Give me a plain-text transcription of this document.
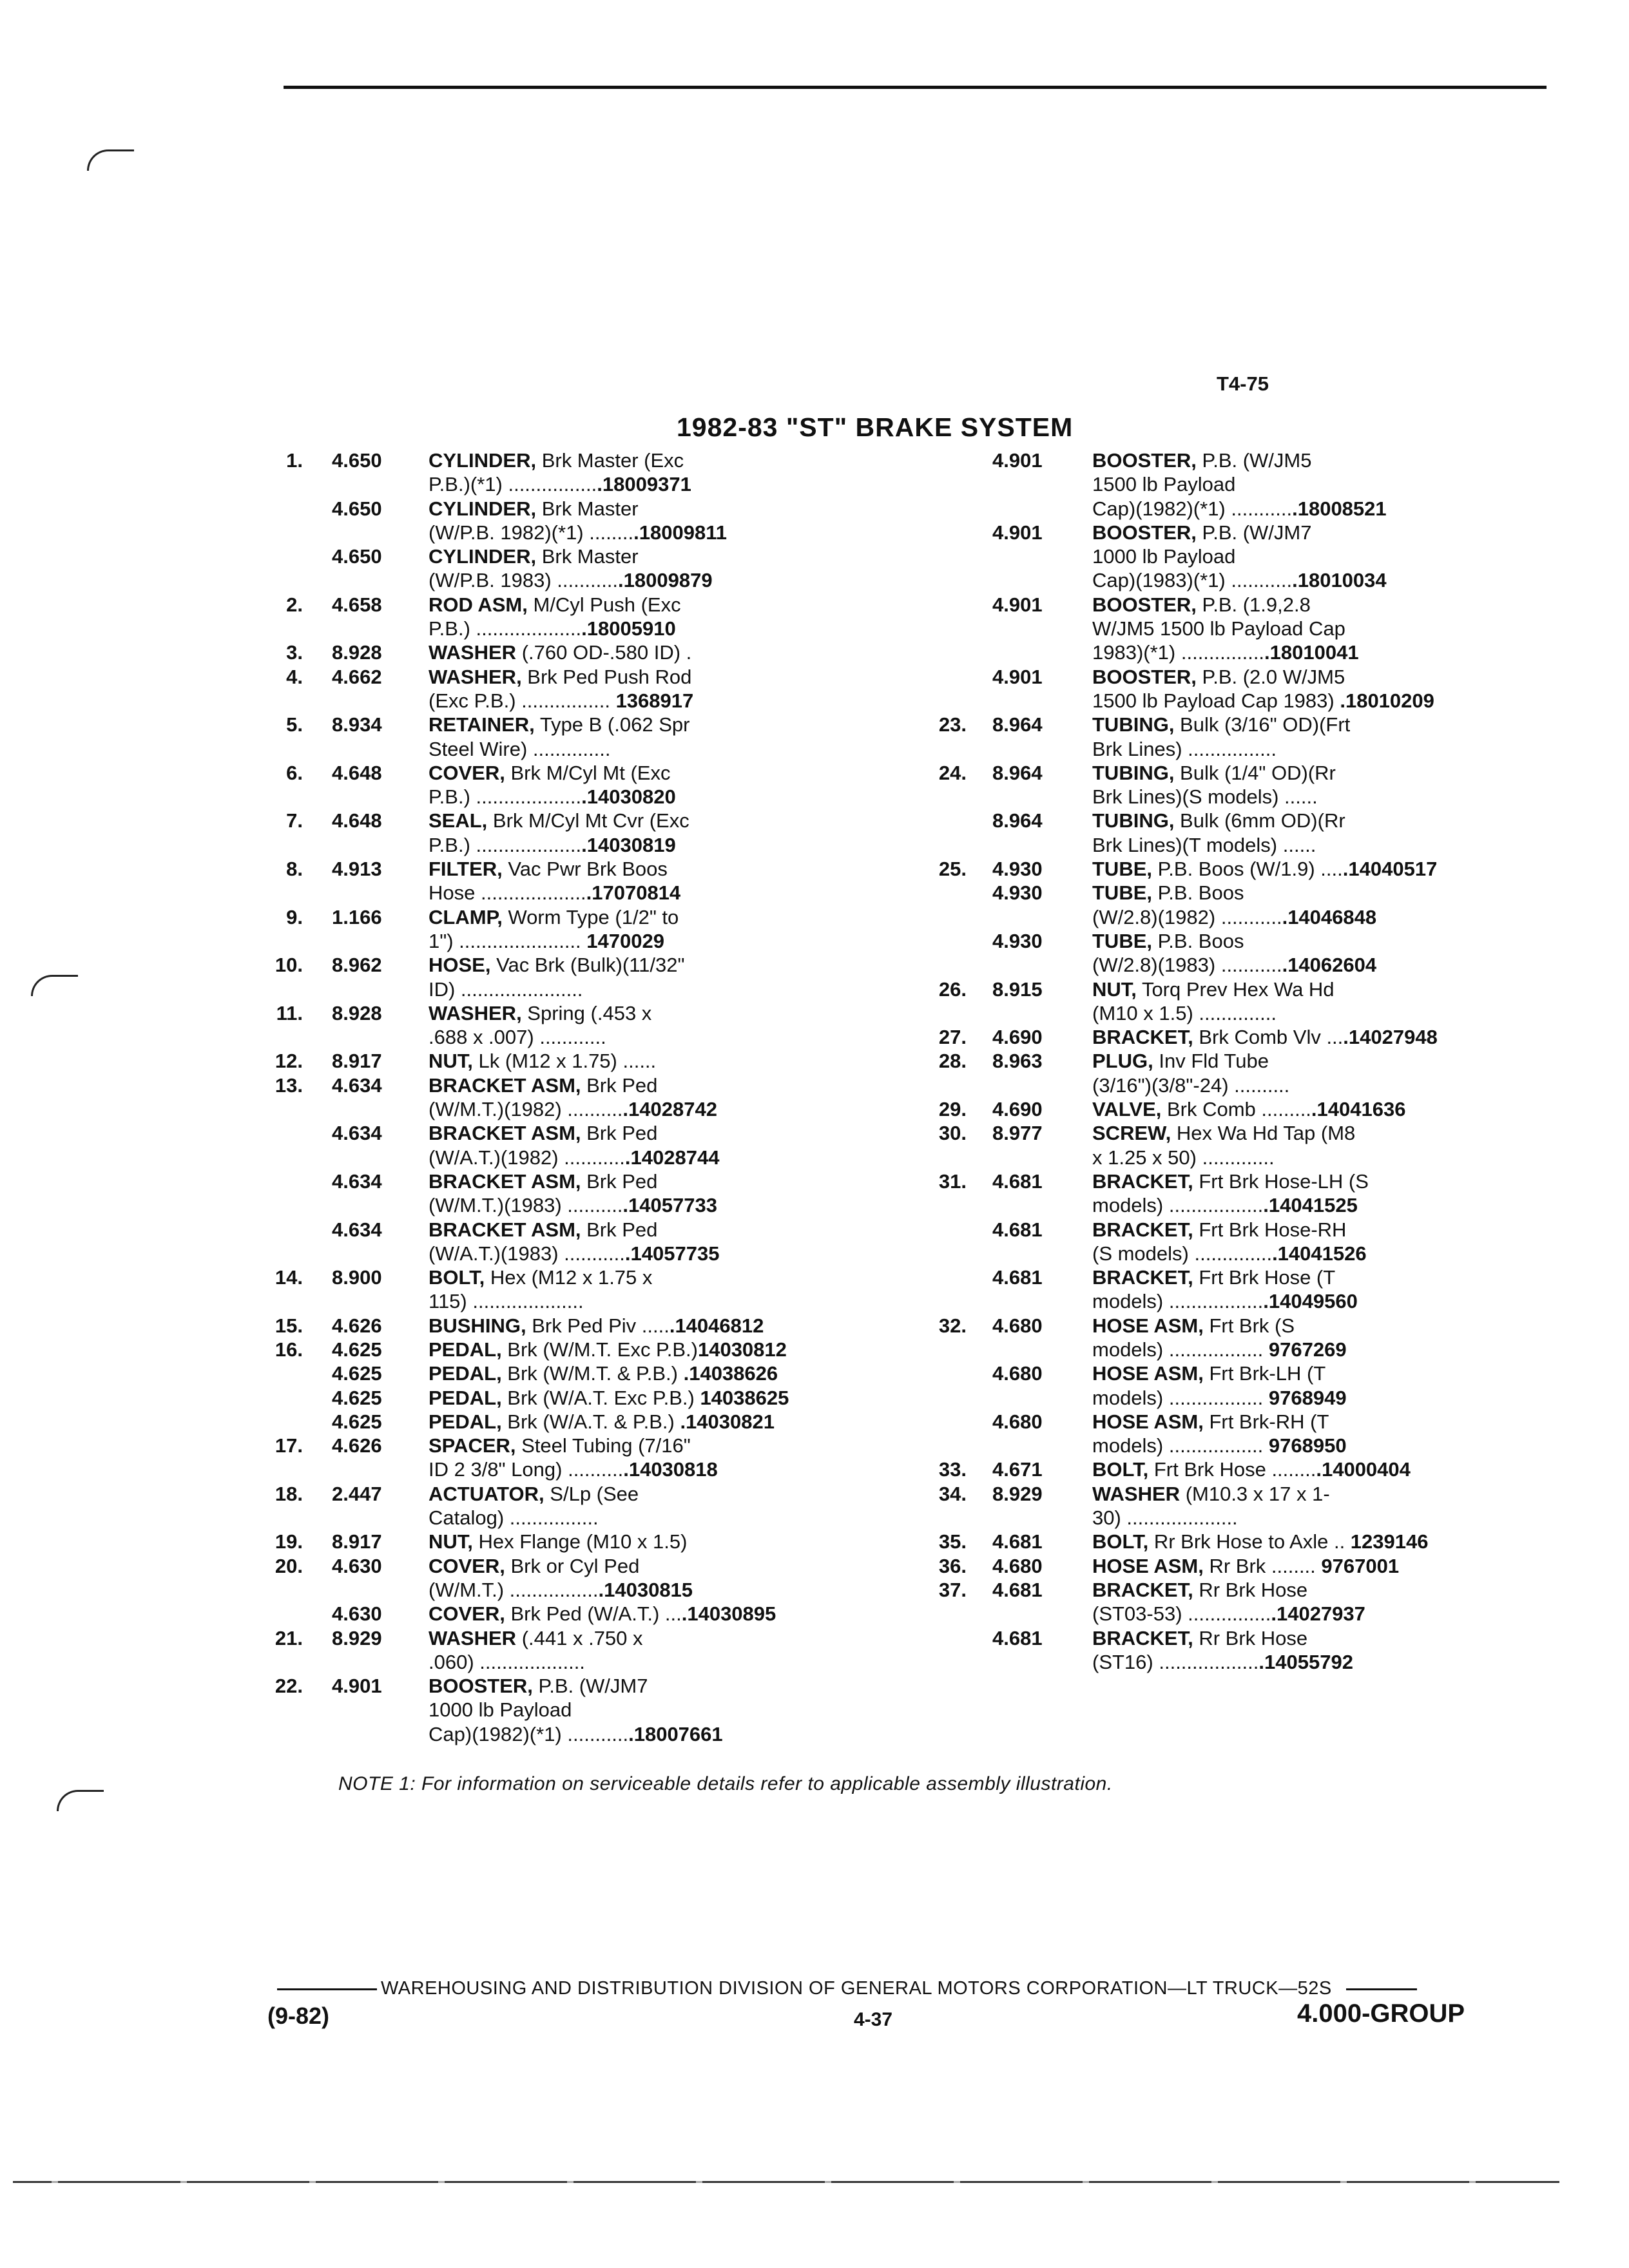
T4-75
1982-83 "ST" BRAKE SYSTEM
1. 4.650 CYLINDER, Brk Master (Exc
P.B.)(*1) .................18009371
4.650 CYLINDER, Brk Master
(W/P.B. 1982)(*1) .........18009811
4.650 CYLINDER, Brk Master
(W/P.B. 1983) ............18009879
2. 4.658 ROD ASM, M/Cyl Push (Exc
P.B.) ....................18005910
3. 8.928 WASHER (.760 OD-.580 ID) .
4. 4.662 WASHER, Brk Ped Push Rod
(Exc P.B.) ................ 1368917
5. 8.934 RETAINER, Type B (.062 Spr
Steel Wire) ..............
6. 4.648 COVER, Brk M/Cyl Mt (Exc
P.B.) ....................14030820
7. 4.648 SEAL, Brk M/Cyl Mt Cvr (Exc
P.B.) ....................14030819
8. 4.913 FILTER, Vac Pwr Brk Boos
Hose ....................17070814
9. 1.166 CLAMP, Worm Type (1/2" to
1") ...................... 1470029
10. 8.962 HOSE, Vac Brk (Bulk)(11/32"
ID) ......................
11. 8.928 WASHER, Spring (.453 x
.688 x .007) ............
12. 8.917 NUT, Lk (M12 x 1.75) ......
13. 4.634 BRACKET ASM, Brk Ped
(W/M.T.)(1982) ...........14028742
4.634 BRACKET ASM, Brk Ped
(W/A.T.)(1982) ............14028744
4.634 BRACKET ASM, Brk Ped
(W/M.T.)(1983) ...........14057733
4.634 BRACKET ASM, Brk Ped
(W/A.T.)(1983) ............14057735
14. 8.900 BOLT, Hex (M12 x 1.75 x
115) ....................
15. 4.626 BUSHING, Brk Ped Piv ......14046812
16. 4.625 PEDAL, Brk (W/M.T. Exc P.B.)14030812
4.625 PEDAL, Brk (W/M.T. & P.B.) .14038626
4.625 PEDAL, Brk (W/A.T. Exc P.B.) 14038625
4.625 PEDAL, Brk (W/A.T. & P.B.) .14030821
17. 4.626 SPACER, Steel Tubing (7/16"
ID 2 3/8" Long) ...........14030818
18. 2.447 ACTUATOR, S/Lp (See
Catalog) ................
19. 8.917 NUT, Hex Flange (M10 x 1.5)
20. 4.630 COVER, Brk or Cyl Ped
(W/M.T.) .................14030815
4.630 COVER, Brk Ped (W/A.T.) ....14030895
21. 8.929 WASHER (.441 x .750 x
.060) ...................
22. 4.901 BOOSTER, P.B. (W/JM7
1000 lb Payload
Cap)(1982)(*1) ............18007661
4.901 BOOSTER, P.B. (W/JM5
1500 lb Payload
Cap)(1982)(*1) ............18008521
4.901 BOOSTER, P.B. (W/JM7
1000 lb Payload
Cap)(1983)(*1) ............18010034
4.901 BOOSTER, P.B. (1.9,2.8
W/JM5 1500 lb Payload Cap
1983)(*1) ................18010041
4.901 BOOSTER, P.B. (2.0 W/JM5
1500 lb Payload Cap 1983) .18010209
23. 8.964 TUBING, Bulk (3/16" OD)(Frt
Brk Lines) ................
24. 8.964 TUBING, Bulk (1/4" OD)(Rr
Brk Lines)(S models) ......
8.964 TUBING, Bulk (6mm OD)(Rr
Brk Lines)(T models) ......
25. 4.930 TUBE, P.B. Boos (W/1.9) .....14040517
4.930 TUBE, P.B. Boos
(W/2.8)(1982) ............14046848
4.930 TUBE, P.B. Boos
(W/2.8)(1983) ............14062604
26. 8.915 NUT, Torq Prev Hex Wa Hd
(M10 x 1.5) ..............
27. 4.690 BRACKET, Brk Comb Vlv ....14027948
28. 8.963 PLUG, Inv Fld Tube
(3/16")(3/8"-24) ..........
29. 4.690 VALVE, Brk Comb ..........14041636
30. 8.977 SCREW, Hex Wa Hd Tap (M8
x 1.25 x 50) .............
31. 4.681 BRACKET, Frt Brk Hose-LH (S
models) ..................14041525
4.681 BRACKET, Frt Brk Hose-RH
(S models) ...............14041526
4.681 BRACKET, Frt Brk Hose (T
models) ..................14049560
32. 4.680 HOSE ASM, Frt Brk (S
models) ................. 9767269
4.680 HOSE ASM, Frt Brk-LH (T
models) ................. 9768949
4.680 HOSE ASM, Frt Brk-RH (T
models) ................. 9768950
33. 4.671 BOLT, Frt Brk Hose .........14000404
34. 8.929 WASHER (M10.3 x 17 x 1-
30) ....................
35. 4.681 BOLT, Rr Brk Hose to Axle .. 1239146
36. 4.680 HOSE ASM, Rr Brk ........ 9767001
37. 4.681 BRACKET, Rr Brk Hose
(ST03-53) ................14027937
4.681 BRACKET, Rr Brk Hose
(ST16) ...................14055792
NOTE 1: For information on serviceable details refer to applicable assembly illustration.
WAREHOUSING AND DISTRIBUTION DIVISION OF GENERAL MOTORS CORPORATION—LT TRUCK—52S
(9-82)	4-37	4.000-GROUP
